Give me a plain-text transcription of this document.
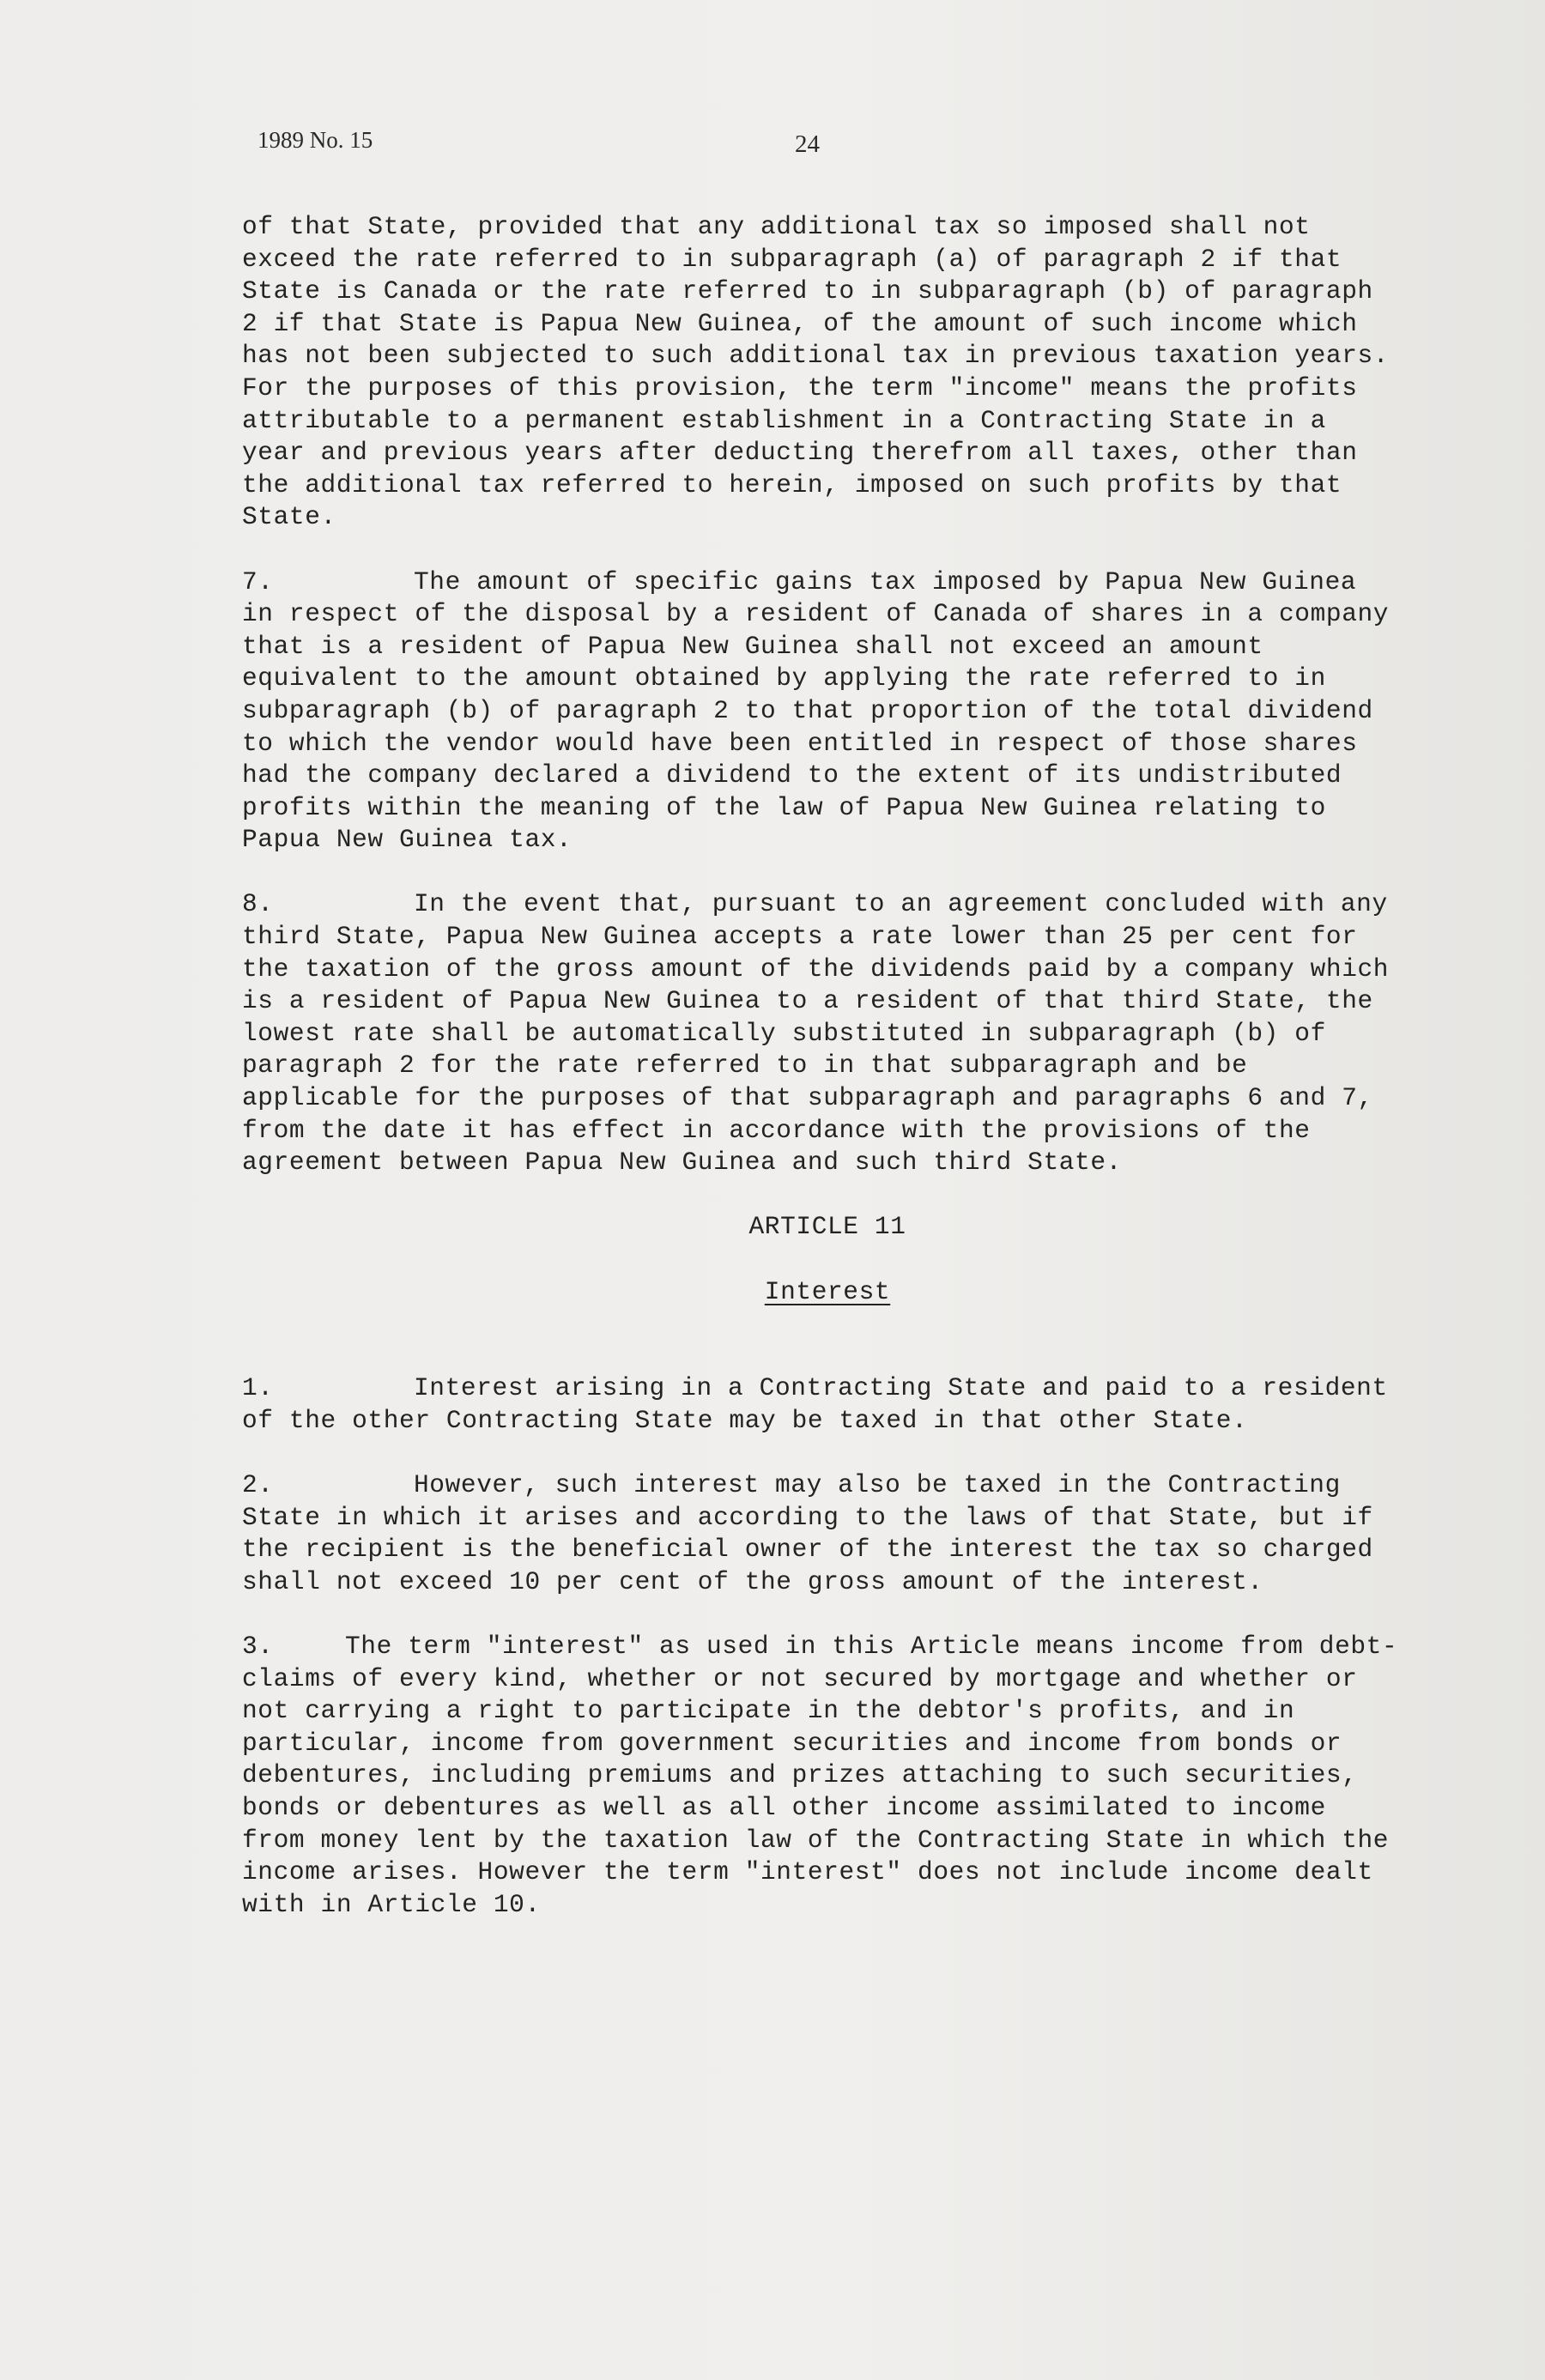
1989 No. 15	24

of that State, provided that any additional tax so imposed shall not exceed the rate referred to in subparagraph (a) of paragraph 2 if that State is Canada or the rate referred to in subparagraph (b) of paragraph 2 if that State is Papua New Guinea, of the amount of such income which has not been subjected to such additional tax in previous taxation years. For the purposes of this provision, the term "income" means the profits attributable to a permanent establishment in a Contracting State in a year and previous years after deducting therefrom all taxes, other than the additional tax referred to herein, imposed on such profits by that State.

7.	The amount of specific gains tax imposed by Papua New Guinea in respect of the disposal by a resident of Canada of shares in a company that is a resident of Papua New Guinea shall not exceed an amount equivalent to the amount obtained by applying the rate referred to in subparagraph (b) of paragraph 2 to that proportion of the total dividend to which the vendor would have been entitled in respect of those shares had the company declared a dividend to the extent of its undistributed profits within the meaning of the law of Papua New Guinea relating to Papua New Guinea tax.

8.	In the event that, pursuant to an agreement concluded with any third State, Papua New Guinea accepts a rate lower than 25 per cent for the taxation of the gross amount of the dividends paid by a company which is a resident of Papua New Guinea to a resident of that third State, the lowest rate shall be automatically substituted in subparagraph (b) of paragraph 2 for the rate referred to in that subparagraph and be applicable for the purposes of that subparagraph and paragraphs 6 and 7, from the date it has effect in accordance with the provisions of the agreement between Papua New Guinea and such third State.

ARTICLE 11

Interest

1.	Interest arising in a Contracting State and paid to a resident of the other Contracting State may be taxed in that other State.

2.	However, such interest may also be taxed in the Contracting State in which it arises and according to the laws of that State, but if the recipient is the beneficial owner of the interest the tax so charged shall not exceed 10 per cent of the gross amount of the interest.

3.	The term "interest" as used in this Article means income from debt-claims of every kind, whether or not secured by mortgage and whether or not carrying a right to participate in the debtor's profits, and in particular, income from government securities and income from bonds or debentures, including premiums and prizes attaching to such securities, bonds or debentures as well as all other income assimilated to income from money lent by the taxation law of the Contracting State in which the income arises. However the term "interest" does not include income dealt with in Article 10.
